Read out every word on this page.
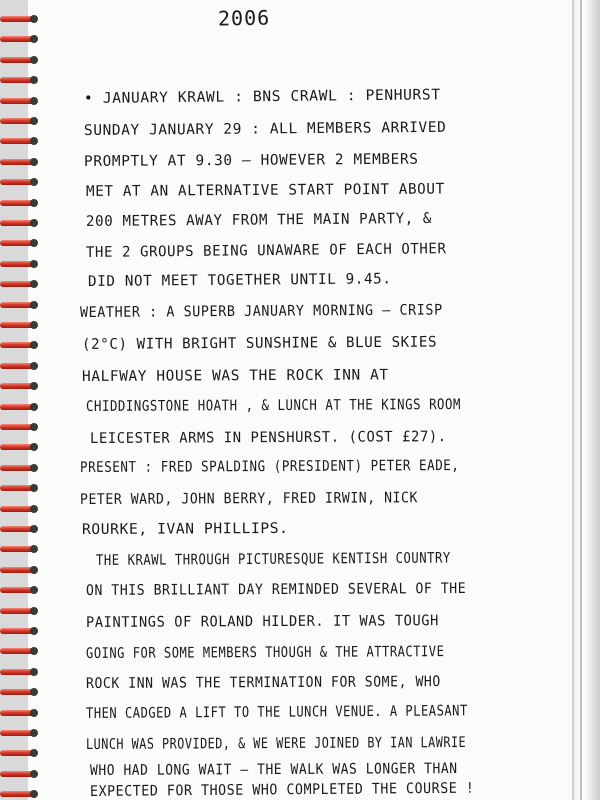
2006
• JANUARY KRAWL : BNS CRAWL : PENHURST
SUNDAY JANUARY 29 : ALL MEMBERS ARRIVED
PROMPTLY AT 9.30 – HOWEVER 2 MEMBERS
MET AT AN ALTERNATIVE START POINT ABOUT
200 METRES AWAY FROM THE MAIN PARTY, &
THE 2 GROUPS BEING UNAWARE OF EACH OTHER
DID NOT MEET TOGETHER UNTIL 9.45.
WEATHER : A SUPERB JANUARY MORNING – CRISP
(2°C) WITH BRIGHT SUNSHINE & BLUE SKIES
HALFWAY HOUSE WAS THE ROCK INN AT
CHIDDINGSTONE HOATH , & LUNCH AT THE KINGS ROOM
LEICESTER ARMS IN PENSHURST. (COST £27).
PRESENT : FRED SPALDING (PRESIDENT) PETER EADE,
PETER WARD, JOHN BERRY, FRED IRWIN, NICK
ROURKE, IVAN PHILLIPS.
THE KRAWL THROUGH PICTURESQUE KENTISH COUNTRY
ON THIS BRILLIANT DAY REMINDED SEVERAL OF THE
PAINTINGS OF ROLAND HILDER. IT WAS TOUGH
GOING FOR SOME MEMBERS THOUGH & THE ATTRACTIVE
ROCK INN WAS THE TERMINATION FOR SOME, WHO
THEN CADGED A LIFT TO THE LUNCH VENUE. A PLEASANT
LUNCH WAS PROVIDED, & WE WERE JOINED BY IAN LAWRIE
WHO HAD LONG WAIT – THE WALK WAS LONGER THAN
EXPECTED FOR THOSE WHO COMPLETED THE COURSE !
